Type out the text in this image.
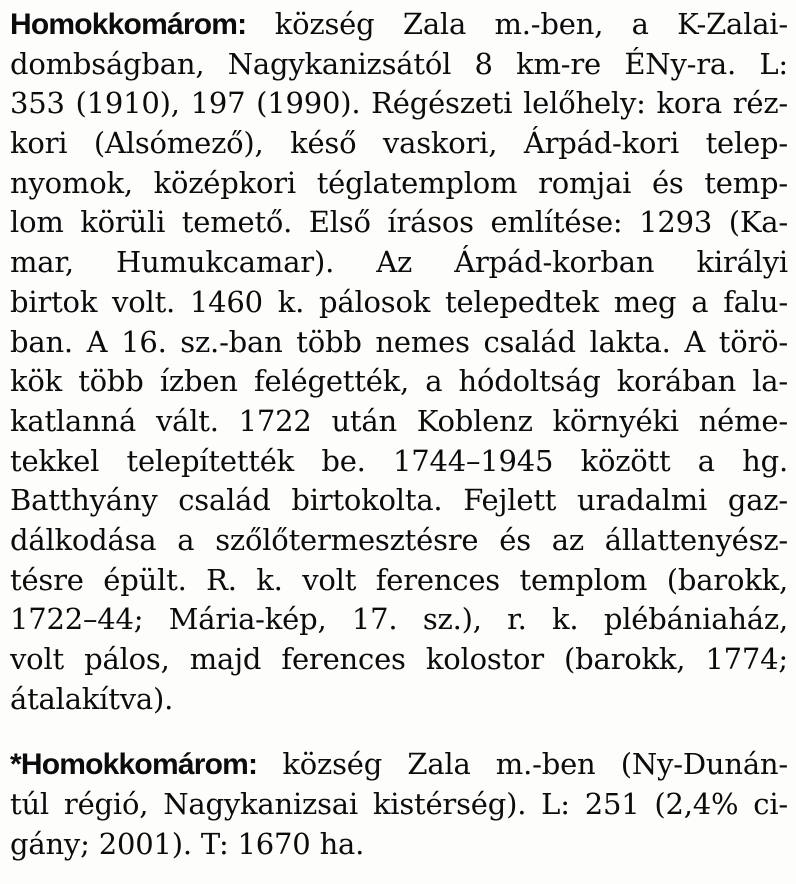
Homokkomárom: község Zala m.-ben, a K-Zalai-
dombságban, Nagykanizsától 8 km-re ÉNy-ra. L:
353 (1910), 197 (1990). Régészeti lelőhely: kora réz-
kori (Alsómező), késő vaskori, Árpád-kori telep-
nyomok, középkori téglatemplom romjai és temp-
lom körüli temető. Első írásos említése: 1293 (Ka-
mar, Humukcamar). Az Árpád-korban királyi
birtok volt. 1460 k. pálosok telepedtek meg a falu-
ban. A 16. sz.-ban több nemes család lakta. A törö-
kök több ízben felégették, a hódoltság korában la-
katlanná vált. 1722 után Koblenz környéki néme-
tekkel telepítették be. 1744–1945 között a hg.
Batthyány család birtokolta. Fejlett uradalmi gaz-
dálkodása a szőlőtermesztésre és az állattenyész-
tésre épült. R. k. volt ferences templom (barokk,
1722–44; Mária-kép, 17. sz.), r. k. plébániaház,
volt pálos, majd ferences kolostor (barokk, 1774;
átalakítva).
*Homokkomárom: község Zala m.-ben (Ny-Dunán-
túl régió, Nagykanizsai kistérség). L: 251 (2,4% ci-
gány; 2001). T: 1670 ha.
